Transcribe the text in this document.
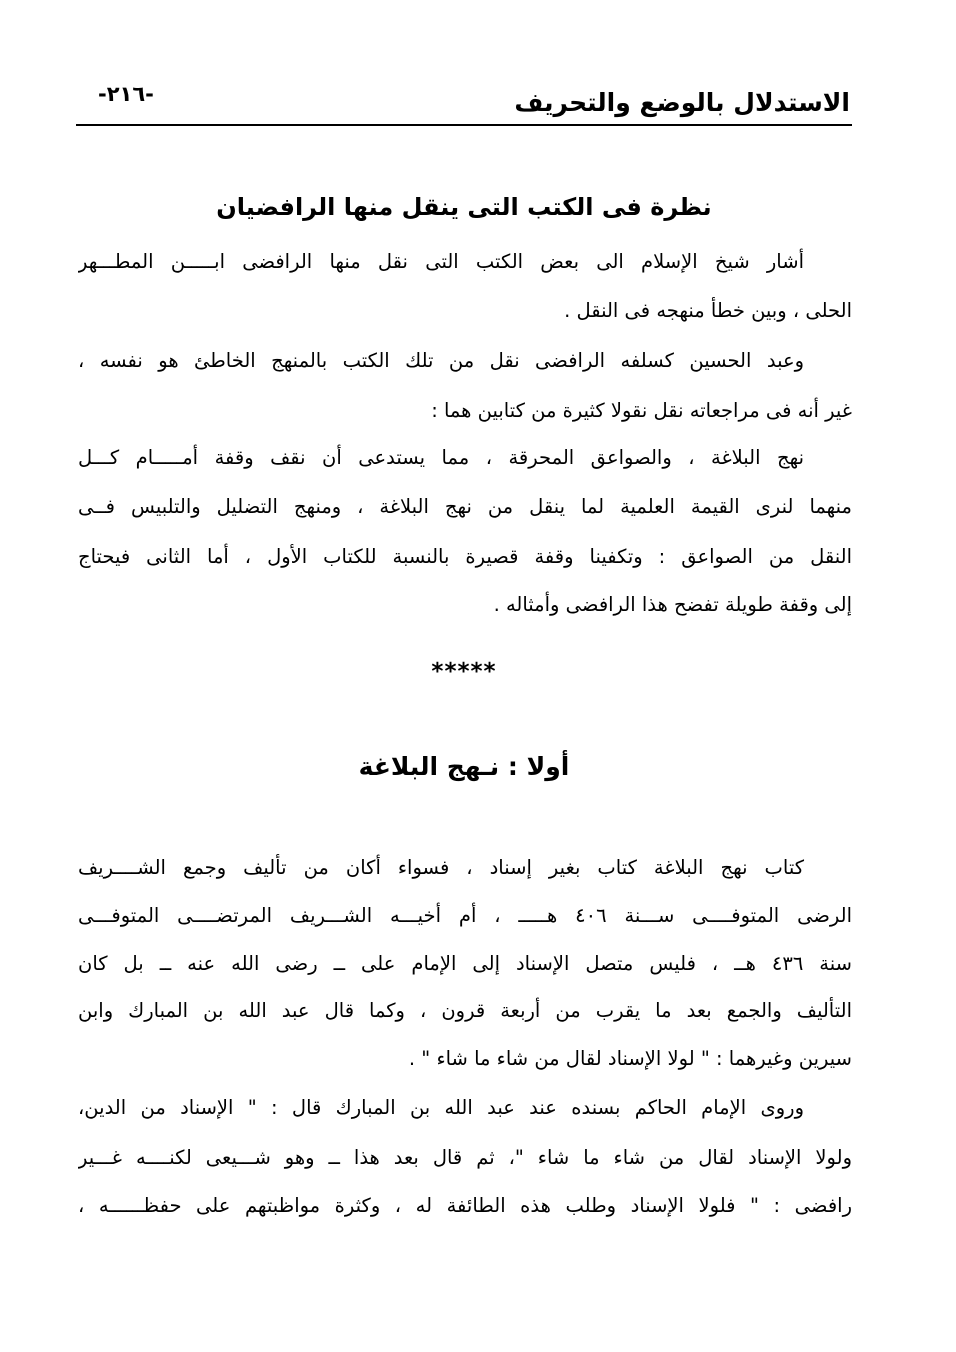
الاستدلال بالوضع والتحريف
-٢١٦-
نظرة فى الكتب التى ينقل منها الرافضيان
أشار شيخ الإسلام الى بعض الكتب التى نقل منها الرافضى ابـــــن المطـــهر
الحلى ، وبين خطأ منهجه فى النقل .
وعبد الحسين كسلفه الرافضى نقل من تلك الكتب بالمنهج الخاطئ هو نفسه ،
غير أنه فى مراجعاته نقل نقولا كثيرة من كتابين هما :
نهج البلاغة ، والصواعق المحرقة ، مما يستدعى أن نقف وقفة أمـــــام كـــل
منهما لنرى القيمة العلمية لما ينقل من نهج البلاغة ، ومنهج التضليل والتلبيس فــى
النقل من الصواعق : وتكفينا وقفة قصيرة بالنسبة للكتاب الأول ، أما الثانى فيحتاج
إلى وقفة طويلة تفضح هذا الرافضى وأمثاله .
*****
أولا : نـهج البلاغة
كتاب نهج البلاغة كتاب بغير إسناد ، فسواء أكان من تأليف وجمع الشــــريف
الرضى المتوفــــى ســـنة ٤٠٦ هـــــ ، أم أخيـــه الشـــريف المرتضــــى المتوفـــى
سنة ٤٣٦ هــ ، فليس متصل الإسناد إلى الإمام على ــ رضى الله عنه ــ بل كان
التأليف والجمع بعد ما يقرب من أربعة قرون ، وكما قال عبد الله بن المبارك وابن
سيرين وغيرهما : " لولا الإسناد لقال من شاء ما شاء " .
وروى الإمام الحاكم بسنده عند عبد الله بن المبارك قال : " الإسناد من الدين،
ولولا الإسناد لقال من شاء ما شاء "، ثم قال بعد هذا ــ وهو شـــيعى لكنــــه غـــير
رافضى : " فلولا الإسناد وطلب هذه الطائفة له ، وكثرة مواظبتهم على حفظــــــه ،
